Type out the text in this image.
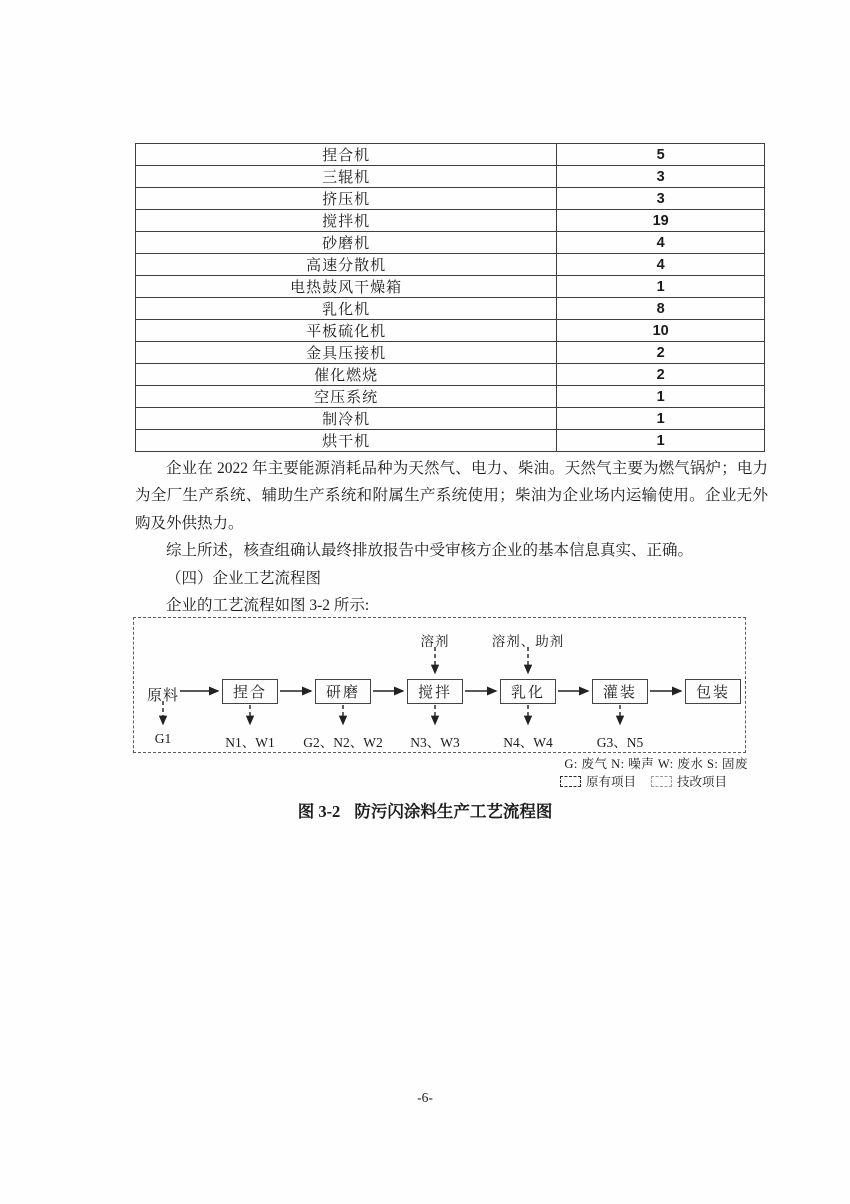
捏合机	5
三辊机	3
挤压机	3
搅拌机	19
砂磨机	4
高速分散机	4
电热鼓风干燥箱	1
乳化机	8
平板硫化机	10
金具压接机	2
催化燃烧	2
空压系统	1
制冷机	1
烘干机	1

企业在 2022 年主要能源消耗品种为天然气、电力、柴油。天然气主要为燃气锅炉；电力为全厂生产系统、辅助生产系统和附属生产系统使用；柴油为企业场内运输使用。企业无外购及外供热力。

综上所述，核查组确认最终排放报告中受审核方企业的基本信息真实、正确。

（四）企业工艺流程图

企业的工艺流程如图 3-2 所示:

原料	捏合	研磨	搅拌	乳化	灌装	包装
溶剂	溶剂、助剂
G1	N1、W1 G2、N2、W2 N3、W3	N4、W4	G3、N5
G: 废气 N: 噪声 W: 废水 S: 固废
原有项目	技改项目
图 3-2 防污闪涂料生产工艺流程图
-6-
